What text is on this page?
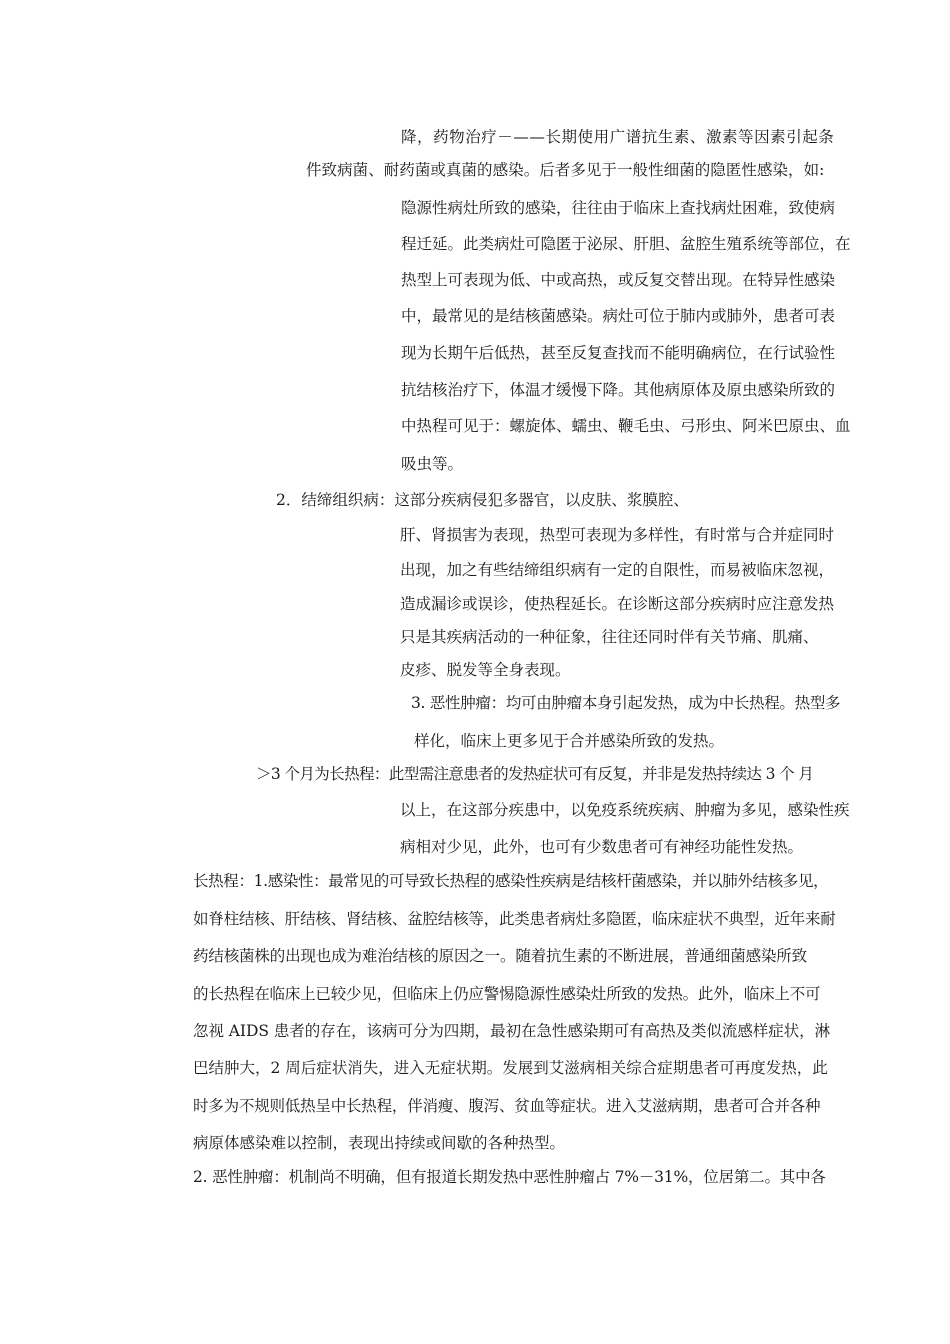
降，药物治疗－——长期使用广谱抗生素、激素等因素引起条
件致病菌、耐药菌或真菌的感染。后者多见于一般性细菌的隐匿性感染，如:
隐源性病灶所致的感染，往往由于临床上查找病灶困难，致使病
程迁延。此类病灶可隐匿于泌尿、肝胆、盆腔生殖系统等部位，在
热型上可表现为低、中或高热，或反复交替出现。在特异性感染
中，最常见的是结核菌感染。病灶可位于肺内或肺外，患者可表
现为长期午后低热，甚至反复查找而不能明确病位，在行试验性
抗结核治疗下，体温才缓慢下降。其他病原体及原虫感染所致的
中热程可见于：螺旋体、蠕虫、鞭毛虫、弓形虫、阿米巴原虫、血
吸虫等。
2．结缔组织病：这部分疾病侵犯多器官，以皮肤、浆膜腔、
肝、肾损害为表现，热型可表现为多样性，有时常与合并症同时
出现，加之有些结缔组织病有一定的自限性，而易被临床忽视，
造成漏诊或误诊，使热程延长。在诊断这部分疾病时应注意发热
只是其疾病活动的一种征象，往往还同时伴有关节痛、肌痛、
皮疹、脱发等全身表现。
3. 恶性肿瘤：均可由肿瘤本身引起发热，成为中长热程。热型多
样化，临床上更多见于合并感染所致的发热。
＞3 个月为长热程：此型需注意患者的发热症状可有反复，并非是发热持续达 3 个 月
以上，在这部分疾患中，以免疫系统疾病、肿瘤为多见，感染性疾
病相对少见，此外，也可有少数患者可有神经功能性发热。
长热程：1.感染性：最常见的可导致长热程的感染性疾病是结核杆菌感染，并以肺外结核多见，
如脊柱结核、肝结核、肾结核、盆腔结核等，此类患者病灶多隐匿，临床症状不典型，近年来耐
药结核菌株的出现也成为难治结核的原因之一。随着抗生素的不断进展，普通细菌感染所致
的长热程在临床上已较少见，但临床上仍应警惕隐源性感染灶所致的发热。此外，临床上不可
忽视 AIDS 患者的存在，该病可分为四期，最初在急性感染期可有高热及类似流感样症状，淋
巴结肿大，2 周后症状消失，进入无症状期。发展到艾滋病相关综合症期患者可再度发热，此
时多为不规则低热呈中长热程，伴消瘦、腹泻、贫血等症状。进入艾滋病期，患者可合并各种
病原体感染难以控制，表现出持续或间歇的各种热型。
2. 恶性肿瘤：机制尚不明确，但有报道长期发热中恶性肿瘤占 7%－31%，位居第二。其中各
